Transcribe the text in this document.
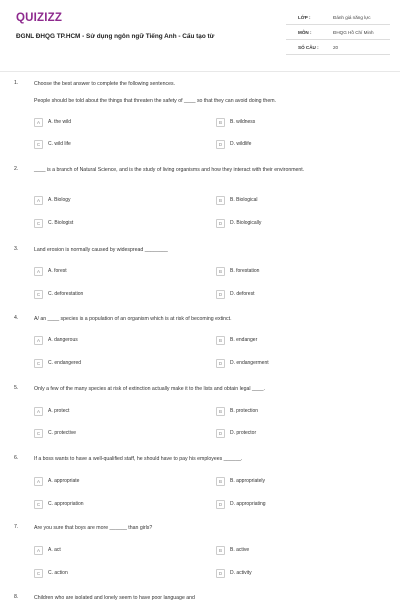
QUIZIZZ
ĐGNL ĐHQG TP.HCM - Sử dụng ngôn ngữ Tiếng Anh - Cấu tạo từ
LỚP :	Đánh giá năng lực
MÔN :	ĐHQG Hồ Chí Minh
SỐ CÂU :	20
1.	Choose the best answer to complete the following sentences.
People should be told about the things that threaten the safety of ____ so that they can avoid doing them.
A	A. the wild	B	B. wildness
C	C. wild life	D	D. wildlife
2.	____ is a branch of Natural Science, and is the study of living organisms and how they interact with their environment.
A	A. Biology	B	B. Biological
C	C. Biologist	D	D. Biologically
3.	Land erosion is normally caused by widespread ________
A	A. forest	B	B. forestation
C	C. deforestation	D	D. deforest
4.	A/ an ____ species is a population of an organism which is at risk of becoming extinct.
A	A. dangerous	B	B. endanger
C	C. endangered	D	D. endangerment
5.	Only a few of the many species at risk of extinction actually make it to the lists and obtain legal ____.
A	A. protect	B	B. protection
C	C. protective	D	D. protector
6.	If a boss wants to have a well-qualified staff, he should have to pay his employees ______.
A	A. appropriate	B	B. appropriately
C	C. appropriation	D	D. appropriating
7.	Are you sure that boys are more ______ than girls?
A	A. act	B	B. active
C	C. action	D	D. activity
8.	Children who are isolated and lonely seem to have poor language and
